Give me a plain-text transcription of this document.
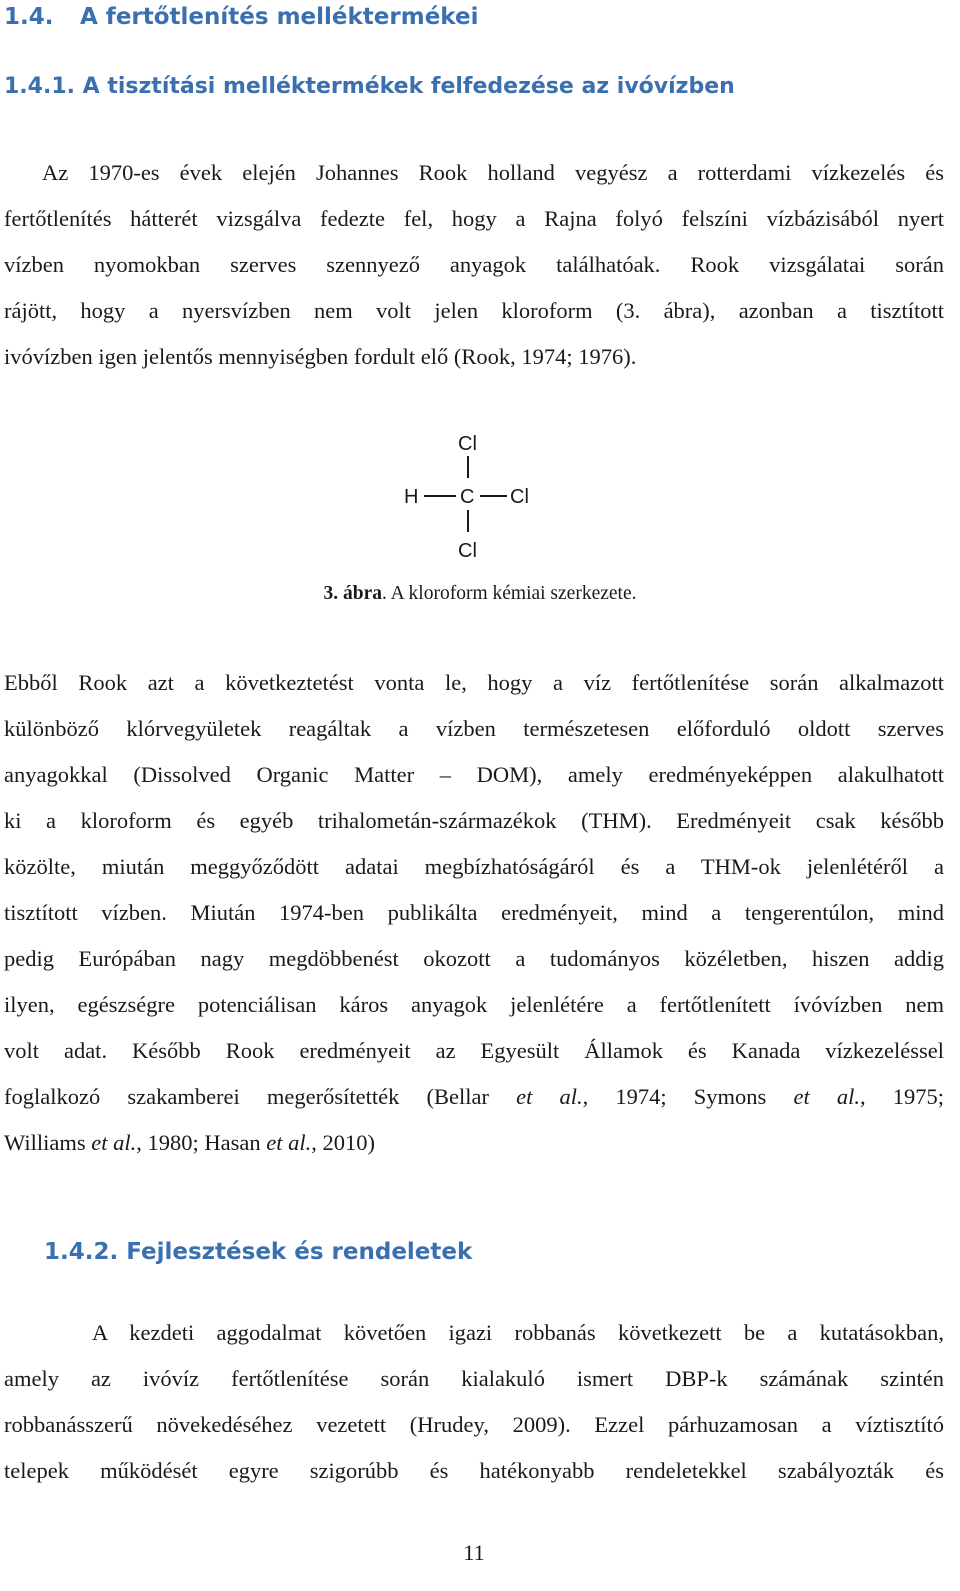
1.4. A fertőtlenítés melléktermékei
1.4.1. A tisztítási melléktermékek felfedezése az ivóvízben
Az 1970-es évek elején Johannes Rook holland vegyész a rotterdami vízkezelés és
fertőtlenítés hátterét vizsgálva fedezte fel, hogy a Rajna folyó felszíni vízbázisából nyert
vízben nyomokban szerves szennyező anyagok találhatóak. Rook vizsgálatai során
rájött, hogy a nyersvízben nem volt jelen kloroform (3. ábra), azonban a tisztított
ivóvízben igen jelentős mennyiségben fordult elő (Rook, 1974; 1976).
Cl
H C Cl
Cl

3. ábra. A kloroform kémiai szerkezete.

Ebből Rook azt a következtetést vonta le, hogy a víz fertőtlenítése során alkalmazott
különböző klórvegyületek reagáltak a vízben természetesen előforduló oldott szerves
anyagokkal (Dissolved Organic Matter – DOM), amely eredményeképpen alakulhatott
ki a kloroform és egyéb trihalometán-származékok (THM). Eredményeit csak később
közölte, miután meggyőződött adatai megbízhatóságáról és a THM-ok jelenlétéről a
tisztított vízben. Miután 1974-ben publikálta eredményeit, mind a tengerentúlon, mind
pedig Európában nagy megdöbbenést okozott a tudományos közéletben, hiszen addig
ilyen, egészségre potenciálisan káros anyagok jelenlétére a fertőtlenített ívóvízben nem
volt adat. Később Rook eredményeit az Egyesült Államok és Kanada vízkezeléssel
foglalkozó szakamberei megerősítették (Bellar et al., 1974; Symons et al., 1975;
Williams et al., 1980; Hasan et al., 2010)
1.4.2. Fejlesztések és rendeletek
A kezdeti aggodalmat követően igazi robbanás következett be a kutatásokban,
amely az ivóvíz fertőtlenítése során kialakuló ismert DBP-k számának szintén
robbanásszerű növekedéséhez vezetett (Hrudey, 2009). Ezzel párhuzamosan a víztisztító
telepek működését egyre szigorúbb és hatékonyabb rendeletekkel szabályozták és
11
